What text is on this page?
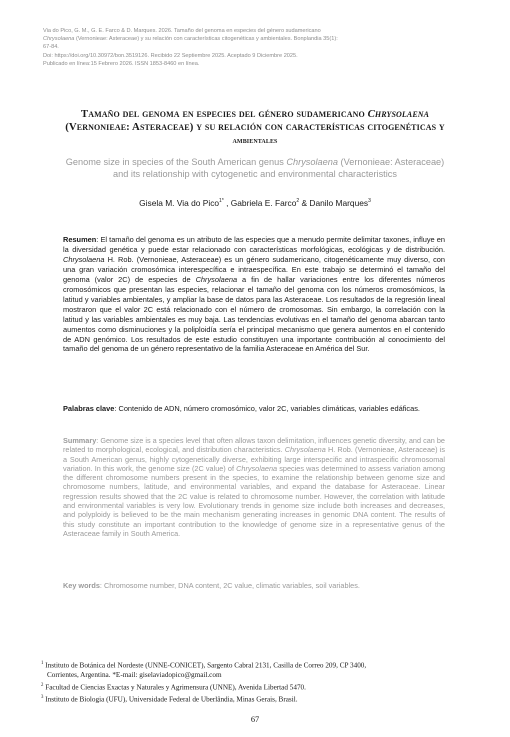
Via do Pico, G. M., G. E. Farco & D. Marques. 2026. Tamaño del genoma en especies del género sudamericano
Chrysolaena (Vernonieae: Asteraceae) y su relación con características citogenéticas y ambientales. Bonplandia 35(1):
67-84.
Doi: https://doi.org/10.30972/bon.3519126. Recibido 22 Septiembre 2025. Aceptado 9 Diciembre 2025.
Publicado en línea:15 Febrero 2026. ISSN 1853-8460 en línea.
Tamaño del genoma en especies del género sudamericano Chrysolaena
(Vernonieae: Asteraceae) y su relación con características citogenéticas y
ambientales
Genome size in species of the South American genus Chrysolaena (Vernonieae: Asteraceae)
and its relationship with cytogenetic and environmental characteristics
Gisela M. Via do Pico$^{1*}$ , Gabriela E. Farco$^2$ & Danilo Marques$^3$
Resumen: El tamaño del genoma es un atributo de las especies que a menudo permite delimitar taxones, influye en la diversidad genética y puede estar relacionado con características morfológicas, ecológicas y de distribución. Chrysolaena H. Rob. (Vernonieae, Asteraceae) es un género sudamericano, citogenéticamente muy diverso, con una gran variación cromosómica interespecífica e intraespecífica. En este trabajo se determinó el tamaño del genoma (valor 2C) de especies de Chrysolaena a fin de hallar variaciones entre los diferentes números cromosómicos que presentan las especies, relacionar el tamaño del genoma con los números cromosómicos, la latitud y variables ambientales, y ampliar la base de datos para las Asteraceae. Los resultados de la regresión lineal mostraron que el valor 2C está relacionado con el número de cromosomas. Sin embargo, la correlación con la latitud y las variables ambientales es muy baja. Las tendencias evolutivas en el tamaño del genoma abarcan tanto aumentos como disminuciones y la poliploidía sería el principal mecanismo que genera aumentos en el contenido de ADN genómico. Los resultados de este estudio constituyen una importante contribución al conocimiento del tamaño del genoma de un género representativo de la familia Asteraceae en América del Sur.
Palabras clave: Contenido de ADN, número cromosómico, valor 2C, variables climáticas, variables edáficas.
Summary: Genome size is a species level that often allows taxon delimitation, influences genetic diversity, and can be related to morphological, ecological, and distribution characteristics. Chrysolaena H. Rob. (Vernonieae, Asteraceae) is a South American genus, highly cytogenetically diverse, exhibiting large interspecific and intraspecific chromosomal variation. In this work, the genome size (2C value) of Chrysolaena species was determined to assess variation among the different chromosome numbers present in the species, to examine the relationship between genome size and chromosome numbers, latitude, and environmental variables, and expand the database for Asteraceae. Linear regression results showed that the 2C value is related to chromosome number. However, the correlation with latitude and environmental variables is very low. Evolutionary trends in genome size include both increases and decreases, and polyploidy is believed to be the main mechanism generating increases in genomic DNA content. The results of this study constitute an important contribution to the knowledge of genome size in a representative genus of the Asteraceae family in South America.
Key words: Chromosome number, DNA content, 2C value, climatic variables, soil variables.
$^1$ Instituto de Botánica del Nordeste (UNNE-CONICET), Sargento Cabral 2131, Casilla de Correo 209, CP 3400,
Corrientes, Argentina. *E-mail: giselaviadopico@gmail.com
$^2$ Facultad de Ciencias Exactas y Naturales y Agrimensura (UNNE), Avenida Libertad 5470.
$^3$ Instituto de Biologia (UFU), Universidade Federal de Uberlândia, Minas Gerais, Brasil.
67
